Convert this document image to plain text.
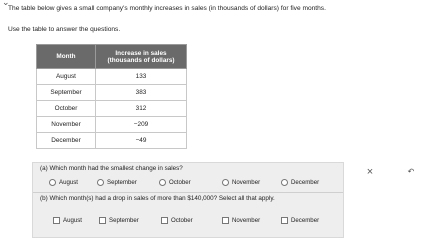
⌄
The table below gives a small company's monthly increases in sales (in thousands of dollars) for five months.
Use the table to answer the questions.
Month	Increase in sales
(thousands of dollars)
August	133
September	383
October	312
November	−209
December	−49
(a) Which month had the smallest change in sales?
August	September	October	November	December
(b) Which month(s) had a drop in sales of more than $140,000? Select all that apply.
August	September	October	November	December
×	↶
